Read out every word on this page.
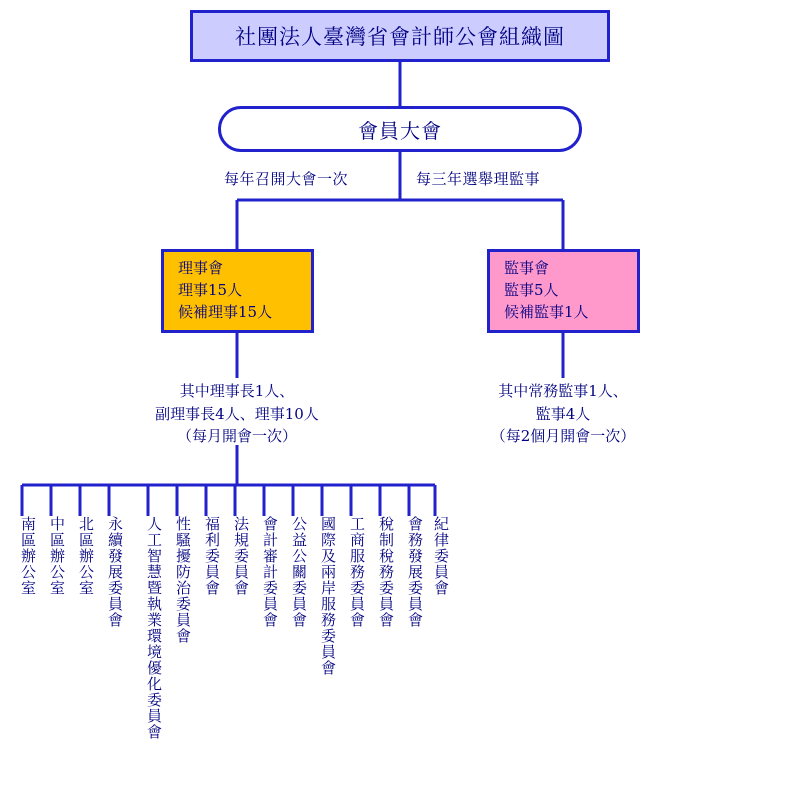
社團法人臺灣省會計師公會組織圖
會員大會
每年召開大會一次	每三年選舉理監事
理事會
理事15人
候補理事15人
監事會
監事5人
候補監事1人
其中理事長1人、
副理事長4人、理事10人
（每月開會一次）
其中常務監事1人、
監事4人
（每2個月開會一次）
南區辦公室 中區辦公室 北區辦公室 永續發展委員會	人工智慧暨執業環境優化委員會 性騷擾防治委員會 福利委員會 法規委員會 會計審計委員會 公益公關委員會 國際及兩岸服務委員會 工商服務委員會 稅制稅務委員會 會務發展委員會 紀律委員會
